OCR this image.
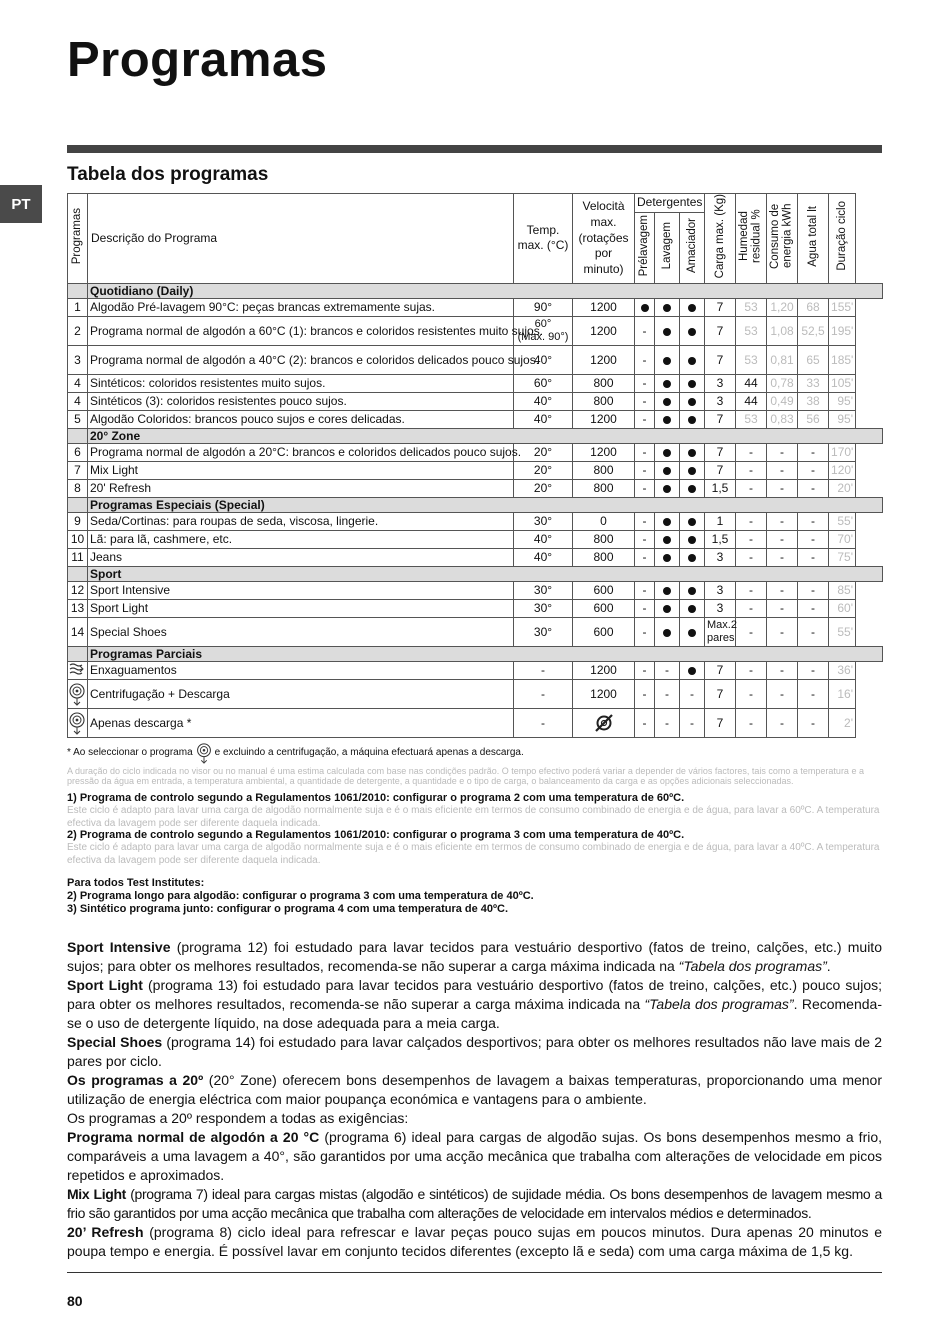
Programas
Tabela dos programas
PT
Programas	Descrição do Programa	Temp. max. (°C)	Velocità max. (rotações por minuto)	Detergentes			Carga max. (Kg)	Humedad residual %	Consumo de energia kWh	Agua total lt	Duração ciclo
				Prélavagem	Lavagem	Amaciador					
	Quotidiano (Daily)										
1	Algodão Pré-lavagem 90°C: peças brancas extremamente sujas.	90°	1200				7	53	1,20	68	155'
2	Programa normal de algodón a 60°C (1): brancos e coloridos resistentes muito sujos.	60°
(Max. 90°)	1200	-			7	53	1,08	52,5	195'
3	Programa normal de algodón a 40°C (2): brancos e coloridos delicados pouco sujos.	40°	1200	-			7	53	0,81	65	185'
4	Sintéticos: coloridos resistentes muito sujos.	60°	800	-			3	44	0,78	33	105'
4	Sintéticos (3): coloridos resistentes pouco sujos.	40°	800	-			3	44	0,49	38	95'
5	Algodão Coloridos: brancos pouco sujos e cores delicadas.	40°	1200	-			7	53	0,83	56	95'
	20° Zone										
6	Programa normal de algodón a 20°C: brancos e coloridos delicados pouco sujos.	20°	1200	-			7	-	-	-	170'
7	Mix Light	20°	800	-			7	-	-	-	120'
8	20' Refresh	20°	800	-			1,5	-	-	-	20'
	Programas Especiais (Special)										
9	Seda/Cortinas: para roupas de seda, viscosa, lingerie.	30°	0	-			1	-	-	-	55'
10	Lã: para lã, cashmere, etc.	40°	800	-			1,5	-	-	-	70'
11	Jeans	40°	800	-			3	-	-	-	75'
	Sport										
12	Sport Intensive	30°	600	-			3	-	-	-	85'
13	Sport Light	30°	600	-			3	-	-	-	60'
14	Special Shoes	30°	600	-			Max.2
pares	-	-	-	55'
	Programas Parciais										

	Enxaguamentos	-	1200	-	-		7	-	-	-	36'

	Centrifugação + Descarga	-	1200	-	-	-	7	-	-	-	16'

	Apenas descarga *	-		-	-	-	7	-	-	-	2'
* Ao seleccionar o programa e excluindo a centrifugação, a máquina efectuará apenas a descarga.
A duração do ciclo indicada no visor ou no manual é uma estima calculada com base nas condições padrão. O tempo efectivo poderá variar a depender de vários factores, tais como a temperatura e a pressão da água em entrada, a temperatura ambiental, a quantidade de detergente, a quantidade e o tipo de carga, o balanceamento da carga e as opções adicionais seleccionadas.
1) Programa de controlo segundo a Regulamentos 1061/2010: configurar o programa 2 com uma temperatura de 60ºC.
Este ciclo é adapto para lavar uma carga de algodão normalmente suja e é o mais eficiente em termos de consumo combinado de energia e de água, para lavar a 60ºC. A temperatura efectiva da lavagem pode ser diferente daquela indicada.
2) Programa de controlo segundo a Regulamentos 1061/2010: configurar o programa 3 com uma temperatura de 40ºC.
Este ciclo é adapto para lavar uma carga de algodão normalmente suja e é o mais eficiente em termos de consumo combinado de energia e de água, para lavar a 40ºC. A temperatura efectiva da lavagem pode ser diferente daquela indicada.
Para todos Test Institutes:
2) Programa longo para algodão: configurar o programa 3 com uma temperatura de 40ºC.
3) Sintético programa junto: configurar o programa 4 com uma temperatura de 40ºC.

Sport Intensive (programa 12) foi estudado para lavar tecidos para vestuário desportivo (fatos de treino, calções, etc.) muito sujos; para obter os melhores resultados, recomenda-se não superar a carga máxima indicada na “Tabela dos programas”.

Sport Light (programa 13) foi estudado para lavar tecidos para vestuário desportivo (fatos de treino, calções, etc.) pouco sujos; para obter os melhores resultados, recomenda-se não superar a carga máxima indicada na “Tabela dos programas”. Recomenda-se o uso de detergente líquido, na dose adequada para a meia carga.

Special Shoes (programa 14) foi estudado para lavar calçados desportivos; para obter os melhores resultados não lave mais de 2 pares por ciclo.

Os programas a 20º (20° Zone) oferecem bons desempenhos de lavagem a baixas temperaturas, proporcionando uma menor utilização de energia eléctrica com maior poupança económica e vantagens para o ambiente.

Os programas a 20º respondem a todas as exigências:

Programa normal de algodón a 20 °C (programa 6) ideal para cargas de algodão sujas. Os bons desempenhos mesmo a frio, comparáveis a uma lavagem a 40°, são garantidos por uma acção mecânica que trabalha com alterações de velocidade em picos repetidos e aproximados.

Mix Light (programa 7) ideal para cargas mistas (algodão e sintéticos) de sujidade média. Os bons desempenhos de lavagem mesmo a frio são garantidos por uma acção mecânica que trabalha com alterações de velocidade em intervalos médios e determinados.

20’ Refresh (programa 8) ciclo ideal para refrescar e lavar peças pouco sujas em poucos minutos. Dura apenas 20 minutos e poupa tempo e energia. É possível lavar em conjunto tecidos diferentes (excepto lã e seda) com uma carga máxima de 1,5 kg.

80
